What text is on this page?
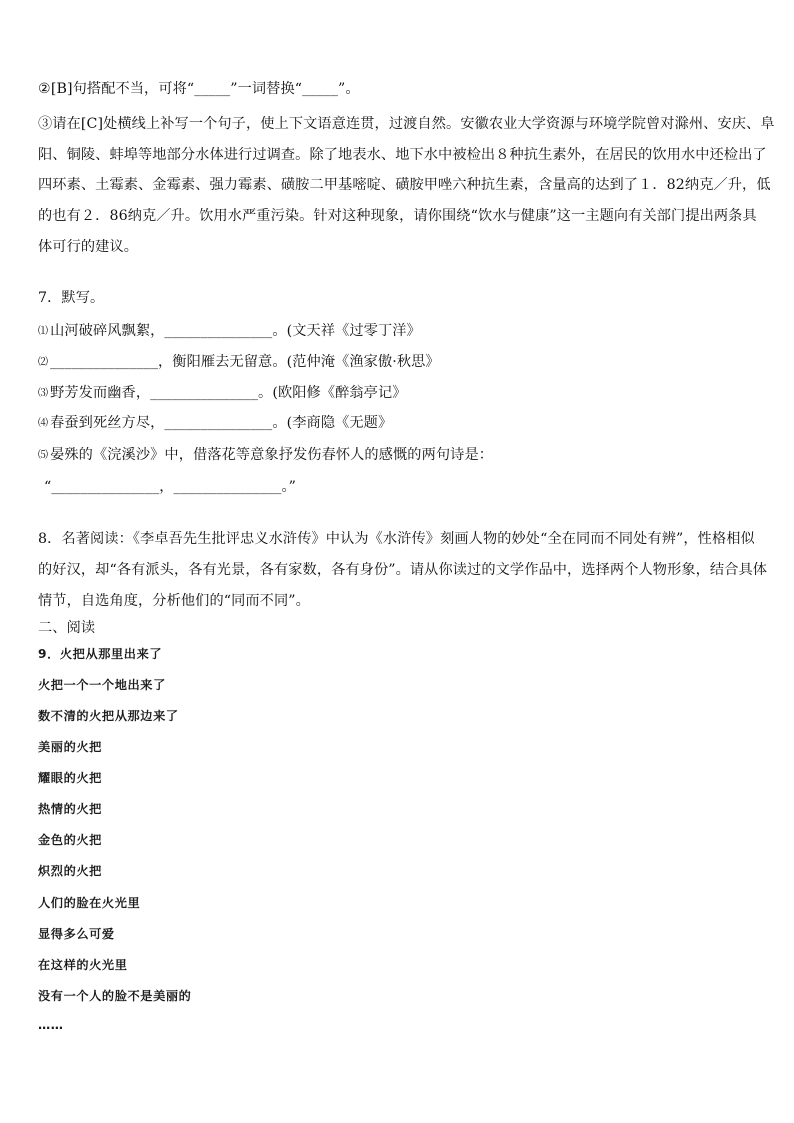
②[B]句搭配不当，可将“_____”一词替换“_____”。
③请在[C]处横线上补写一个句子，使上下文语意连贯，过渡自然。安徽农业大学资源与环境学院曾对滁州、安庆、阜
阳、铜陵、蚌埠等地部分水体进行过调查。除了地表水、地下水中被检出８种抗生素外，在居民的饮用水中还检出了
四环素、土霉素、金霉素、强力霉素、磺胺二甲基嘧啶、磺胺甲唑六种抗生素，含量高的达到了１．82纳克／升，低
的也有２．86纳克／升。饮用水严重污染。针对这种现象，请你围绕“饮水与健康”这一主题向有关部门提出两条具
体可行的建议。
7．默写。
⑴ 山河破碎风飘絮，_______________。(文天祥《过零丁洋》
⑵ _______________，衡阳雁去无留意。(范仲淹《渔家傲·秋思》
⑶ 野芳发而幽香，_______________。(欧阳修《醉翁亭记》
⑷ 春蚕到死丝方尽，_______________。(李商隐《无题》
⑸ 晏殊的《浣溪沙》中，借落花等意象抒发伤春怀人的感慨的两句诗是：
“_______________，_______________。”
8．名著阅读：《李卓吾先生批评忠义水浒传》中认为《水浒传》刻画人物的妙处“全在同而不同处有辨”，性格相似
的好汉，却“各有派头，各有光景，各有家数，各有身份”。请从你读过的文学作品中，选择两个人物形象，结合具体
情节，自选角度，分析他们的“同而不同”。
二、阅读
9．火把从那里出来了
火把一个一个地出来了
数不清的火把从那边来了
美丽的火把
耀眼的火把
热情的火把
金色的火把
炽烈的火把
人们的脸在火光里
显得多么可爱
在这样的火光里
没有一个人的脸不是美丽的
……
